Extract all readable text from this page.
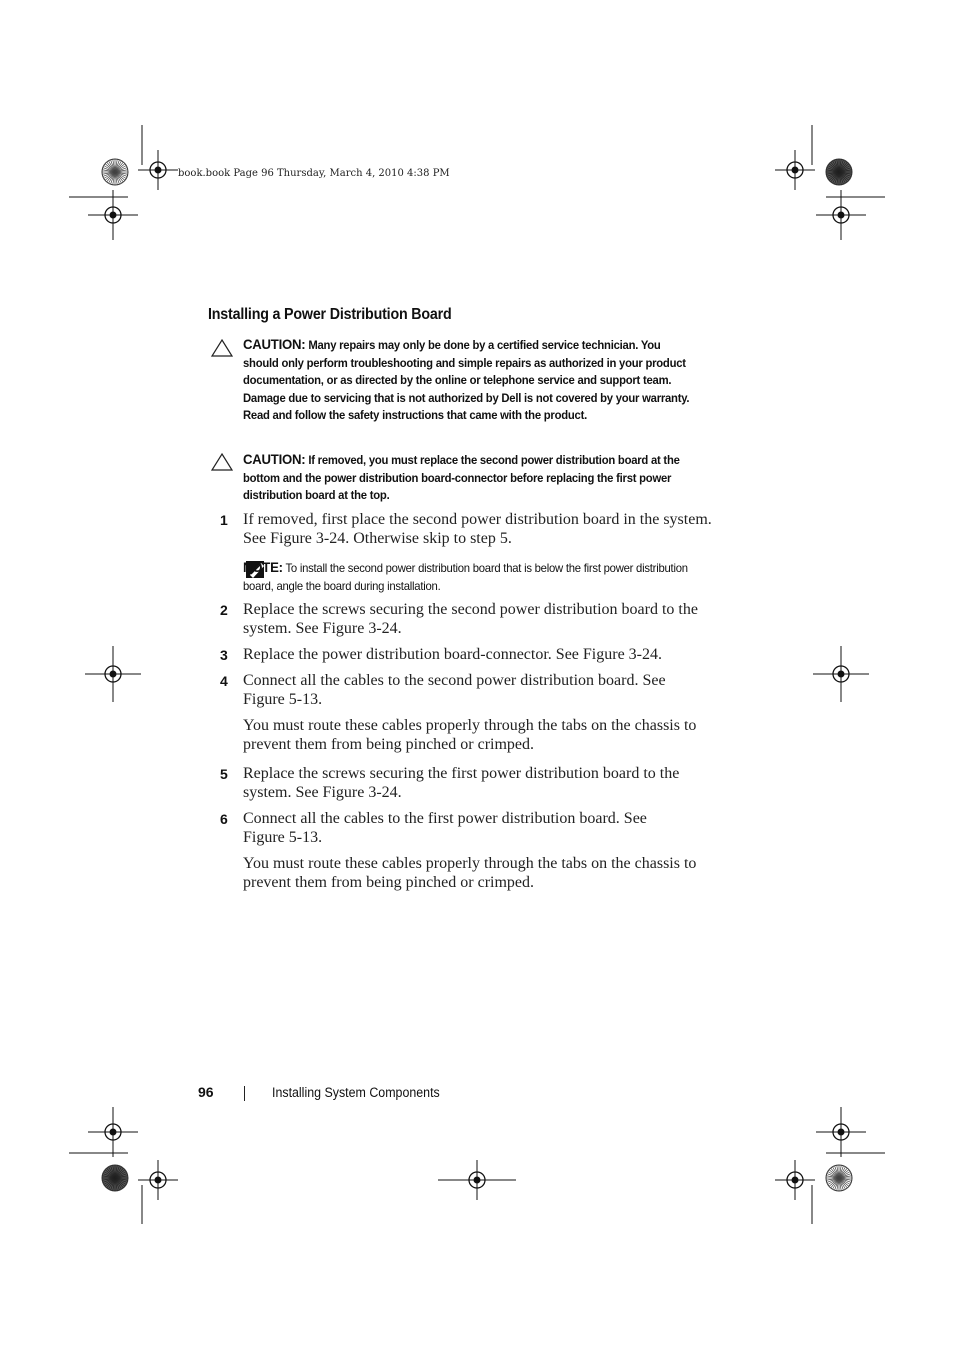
book.book Page 96 Thursday, March 4, 2010 4:38 PM
Installing a Power Distribution Board
CAUTION: Many repairs may only be done by a certified service technician. You should only perform troubleshooting and simple repairs as authorized in your product documentation, or as directed by the online or telephone service and support team. Damage due to servicing that is not authorized by Dell is not covered by your warranty. Read and follow the safety instructions that came with the product.
CAUTION: If removed, you must replace the second power distribution board at the bottom and the power distribution board-connector before replacing the first power distribution board at the top.
1 If removed, first place the second power distribution board in the system. See Figure 3-24. Otherwise skip to step 5.
NOTE: To install the second power distribution board that is below the first power distribution board, angle the board during installation.
2 Replace the screws securing the second power distribution board to the system. See Figure 3-24.
3 Replace the power distribution board-connector. See Figure 3-24.
4 Connect all the cables to the second power distribution board. See Figure 5-13.
You must route these cables properly through the tabs on the chassis to prevent them from being pinched or crimped.
5 Replace the screws securing the first power distribution board to the system. See Figure 3-24.
6 Connect all the cables to the first power distribution board. See Figure 5-13.
You must route these cables properly through the tabs on the chassis to prevent them from being pinched or crimped.
96	Installing System Components
